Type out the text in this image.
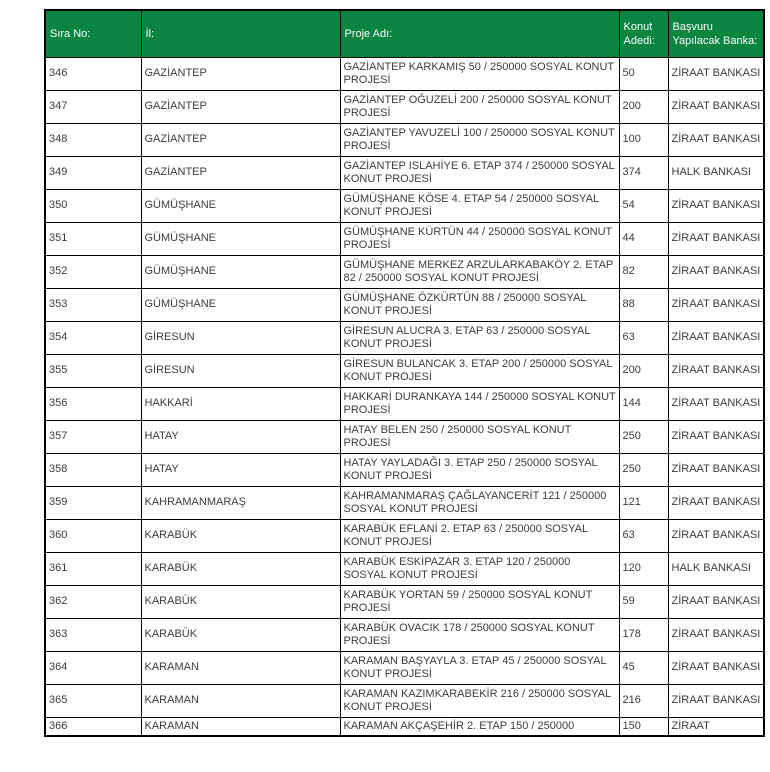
Sıra No:	İl:	Proje Adı:	Konut Adedi:	Başvuru Yapılacak Banka:
346	GAZİANTEP	GAZİANTEP KARKAMIŞ 50 / 250000 SOSYAL KONUT PROJESİ	50	ZİRAAT BANKASI
347	GAZİANTEP	GAZİANTEP OĞUZELİ 200 / 250000 SOSYAL KONUT PROJESİ	200	ZİRAAT BANKASI
348	GAZİANTEP	GAZİANTEP YAVUZELİ 100 / 250000 SOSYAL KONUT PROJESİ	100	ZİRAAT BANKASI
349	GAZİANTEP	GAZİANTEP ISLAHİYE 6. ETAP 374 / 250000 SOSYAL KONUT PROJESİ	374	HALK BANKASI
350	GÜMÜŞHANE	GÜMÜŞHANE KÖSE 4. ETAP 54 / 250000 SOSYAL KONUT PROJESİ	54	ZİRAAT BANKASI
351	GÜMÜŞHANE	GÜMÜŞHANE KÜRTÜN 44 / 250000 SOSYAL KONUT PROJESİ	44	ZİRAAT BANKASI
352	GÜMÜŞHANE	GÜMÜŞHANE MERKEZ ARZULARKABAKÖY 2. ETAP 82 / 250000 SOSYAL KONUT PROJESİ	82	ZİRAAT BANKASI
353	GÜMÜŞHANE	GÜMÜŞHANE ÖZKÜRTÜN 88 / 250000 SOSYAL KONUT PROJESİ	88	ZİRAAT BANKASI
354	GİRESUN	GİRESUN ALUCRA 3. ETAP 63 / 250000 SOSYAL KONUT PROJESİ	63	ZİRAAT BANKASI
355	GİRESUN	GİRESUN BULANCAK 3. ETAP 200 / 250000 SOSYAL KONUT PROJESİ	200	ZİRAAT BANKASI
356	HAKKARİ	HAKKARİ DURANKAYA 144 / 250000 SOSYAL KONUT PROJESİ	144	ZİRAAT BANKASI
357	HATAY	HATAY BELEN 250 / 250000 SOSYAL KONUT PROJESİ	250	ZİRAAT BANKASI
358	HATAY	HATAY YAYLADAĞI 3. ETAP 250 / 250000 SOSYAL KONUT PROJESİ	250	ZİRAAT BANKASI
359	KAHRAMANMARAŞ	KAHRAMANMARAŞ ÇAĞLAYANCERİT 121 / 250000 SOSYAL KONUT PROJESİ	121	ZİRAAT BANKASI
360	KARABÜK	KARABÜK EFLANİ 2. ETAP 63 / 250000 SOSYAL KONUT PROJESİ	63	ZİRAAT BANKASI
361	KARABÜK	KARABÜK ESKİPAZAR 3. ETAP 120 / 250000 SOSYAL KONUT PROJESİ	120	HALK BANKASI
362	KARABÜK	KARABÜK YORTAN 59 / 250000 SOSYAL KONUT PROJESİ	59	ZİRAAT BANKASI
363	KARABÜK	KARABÜK OVACIK 178 / 250000 SOSYAL KONUT PROJESİ	178	ZİRAAT BANKASI
364	KARAMAN	KARAMAN BAŞYAYLA 3. ETAP 45 / 250000 SOSYAL KONUT PROJESİ	45	ZİRAAT BANKASI
365	KARAMAN	KARAMAN KAZIMKARABEKİR 216 / 250000 SOSYAL KONUT PROJESİ	216	ZİRAAT BANKASI
366	KARAMAN	KARAMAN AKÇAŞEHİR 2. ETAP 150 / 250000	150	ZİRAAT
